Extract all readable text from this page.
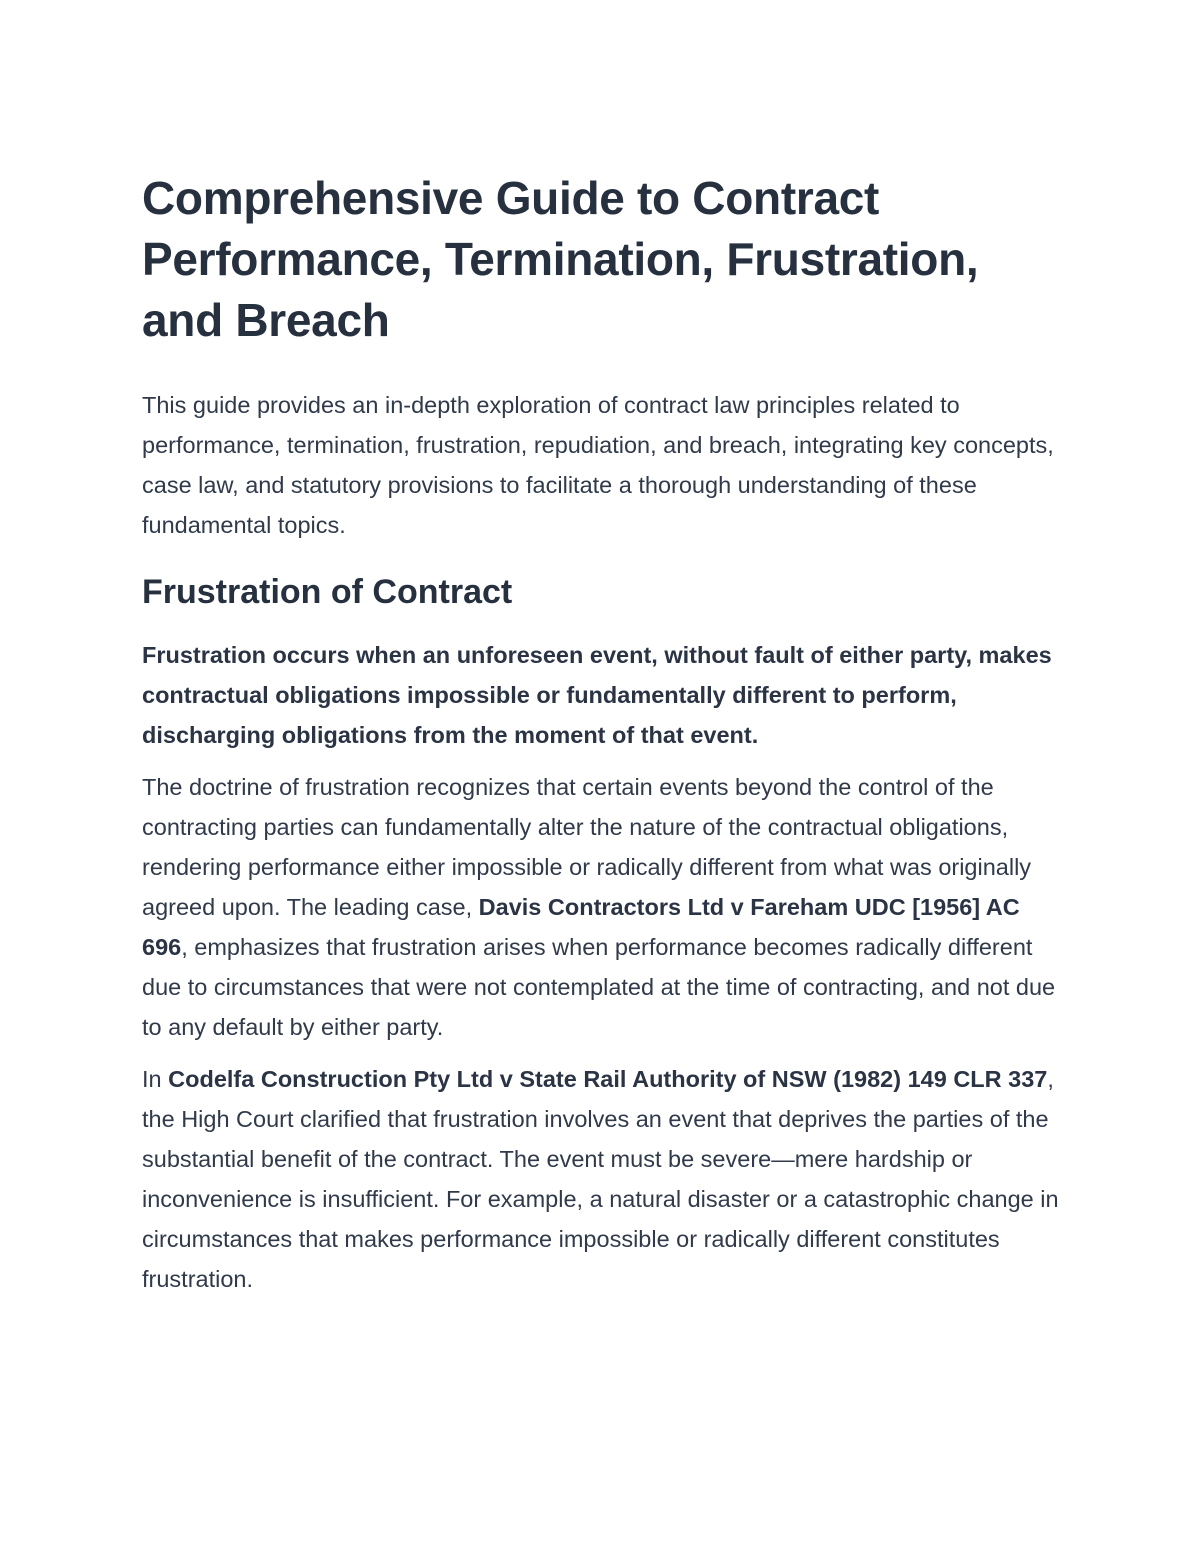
Comprehensive Guide to Contract Performance, Termination, Frustration, and Breach

This guide provides an in-depth exploration of contract law principles related to performance, termination, frustration, repudiation, and breach, integrating key concepts, case law, and statutory provisions to facilitate a thorough understanding of these fundamental topics.

Frustration of Contract

Frustration occurs when an unforeseen event, without fault of either party, makes contractual obligations impossible or fundamentally different to perform, discharging obligations from the moment of that event.

The doctrine of frustration recognizes that certain events beyond the control of the contracting parties can fundamentally alter the nature of the contractual obligations, rendering performance either impossible or radically different from what was originally agreed upon. The leading case, Davis Contractors Ltd v Fareham UDC [1956] AC 696, emphasizes that frustration arises when performance becomes radically different due to circumstances that were not contemplated at the time of contracting, and not due to any default by either party.

In Codelfa Construction Pty Ltd v State Rail Authority of NSW (1982) 149 CLR 337, the High Court clarified that frustration involves an event that deprives the parties of the substantial benefit of the contract. The event must be severe—mere hardship or inconvenience is insufficient. For example, a natural disaster or a catastrophic change in circumstances that makes performance impossible or radically different constitutes frustration.
